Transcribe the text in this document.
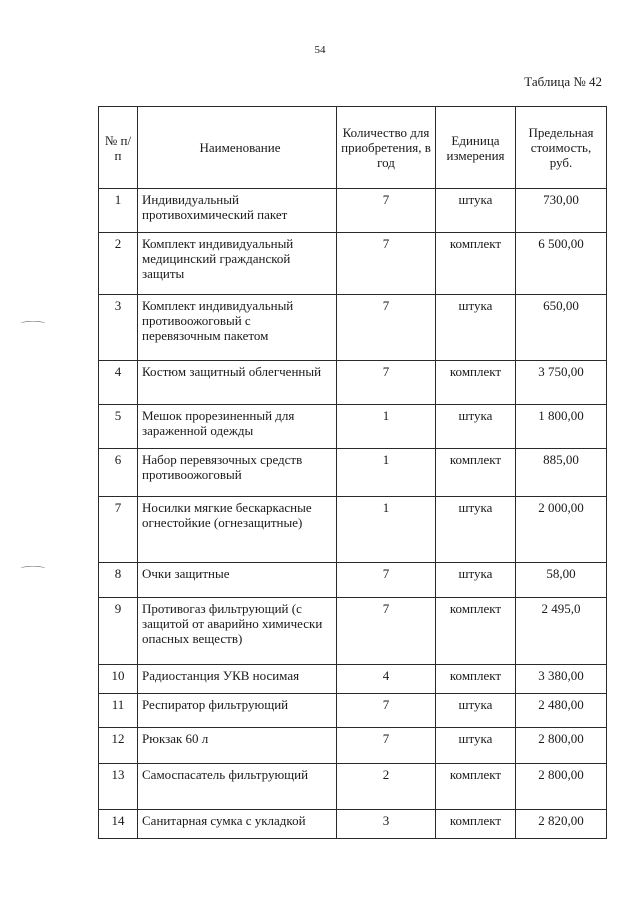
54
Таблица № 42
⌒
⌒
№ п/п	Наименование	Количество для приобретения, в год	Единица измерения	Предельная стоимость, руб.
1	Индивидуальный противохимический пакет	7	штука	730,00
2	Комплект индивидуальный медицинский гражданской защиты	7	комплект	6 500,00
3	Комплект индивидуальный противоожоговый с перевязочным пакетом	7	штука	650,00
4	Костюм защитный облегченный	7	комплект	3 750,00
5	Мешок прорезиненный для зараженной одежды	1	штука	1 800,00
6	Набор перевязочных средств противоожоговый	1	комплект	885,00
7	Носилки мягкие бескаркасные огнестойкие (огнезащитные)	1	штука	2 000,00
8	Очки защитные	7	штука	58,00
9	Противогаз фильтрующий (с защитой от аварийно химически опасных веществ)	7	комплект	2 495,0
10	Радиостанция УКВ носимая	4	комплект	3 380,00
11	Респиратор фильтрующий	7	штука	2 480,00
12	Рюкзак 60 л	7	штука	2 800,00
13	Самоспасатель фильтрующий	2	комплект	2 800,00
14	Санитарная сумка с укладкой	3	комплект	2 820,00
